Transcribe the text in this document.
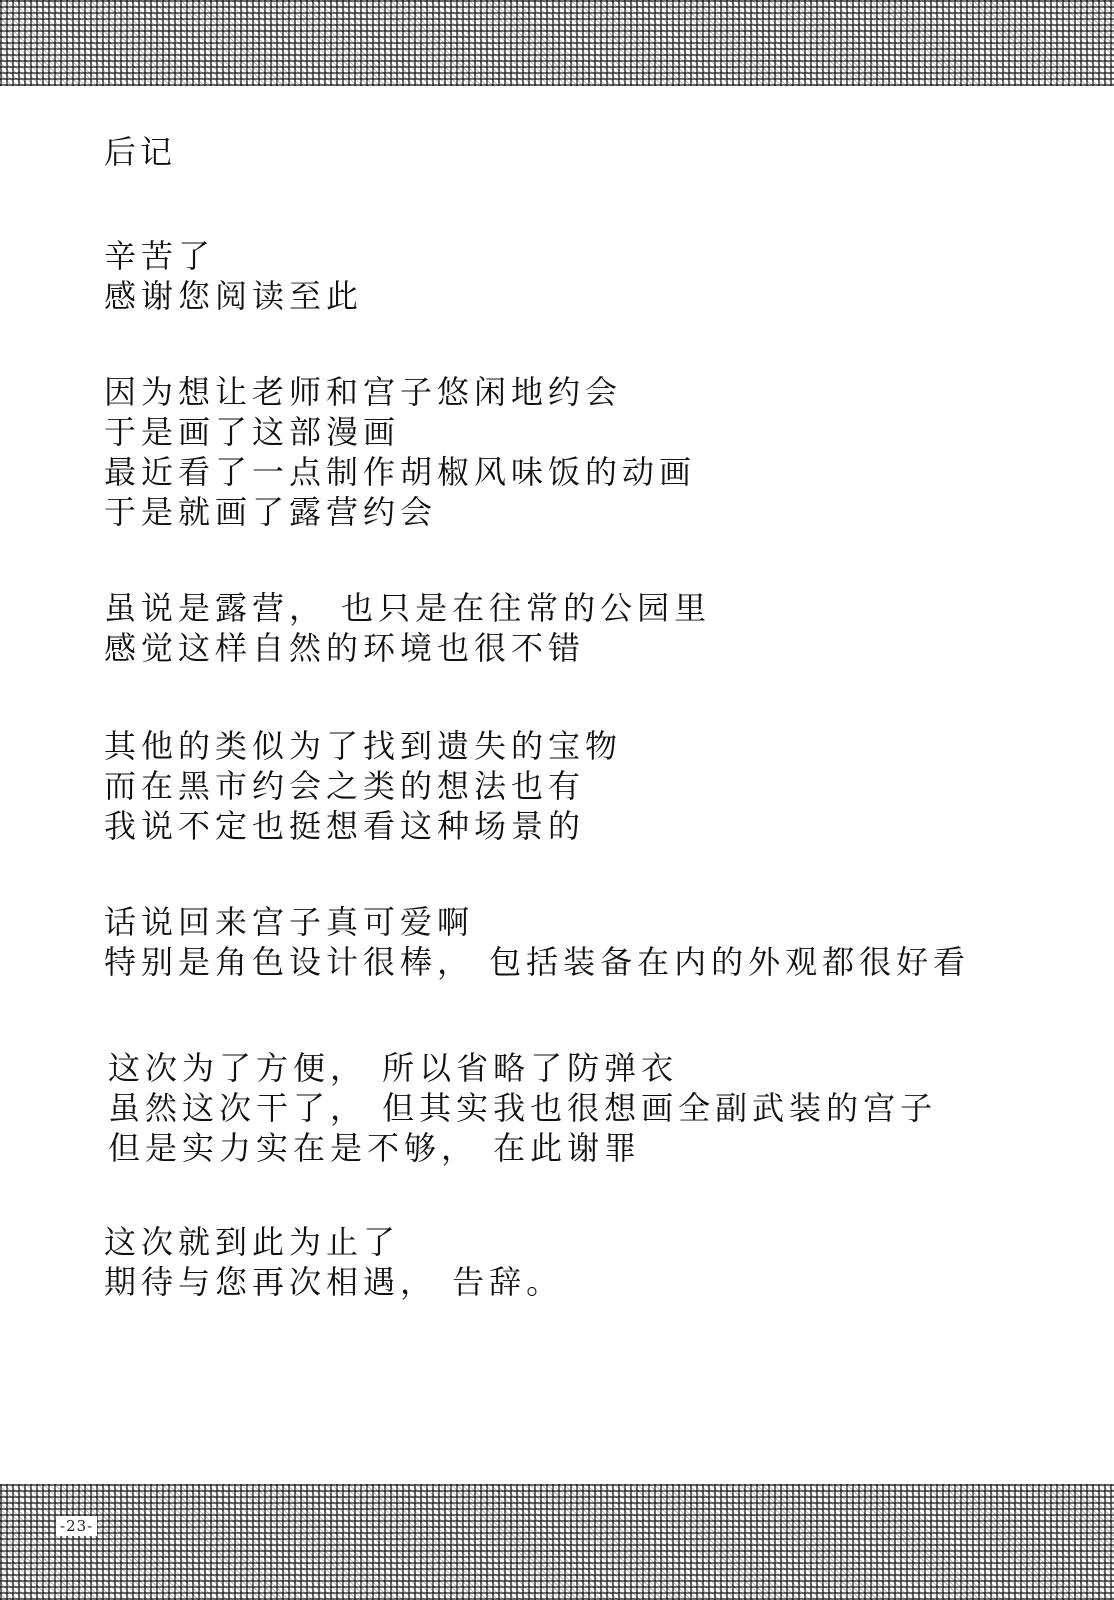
后记
辛苦了
感谢您阅读至此
因为想让老师和宫子悠闲地约会
于是画了这部漫画
最近看了一点制作胡椒风味饭的动画
于是就画了露营约会
虽说是露营， 也只是在往常的公园里
感觉这样自然的环境也很不错
其他的类似为了找到遗失的宝物
而在黑市约会之类的想法也有
我说不定也挺想看这种场景的
话说回来宫子真可爱啊
特别是角色设计很棒， 包括装备在内的外观都很好看
这次为了方便， 所以省略了防弹衣
虽然这次干了， 但其实我也很想画全副武装的宫子
但是实力实在是不够， 在此谢罪
这次就到此为止了
期待与您再次相遇， 告辞。
-23-
